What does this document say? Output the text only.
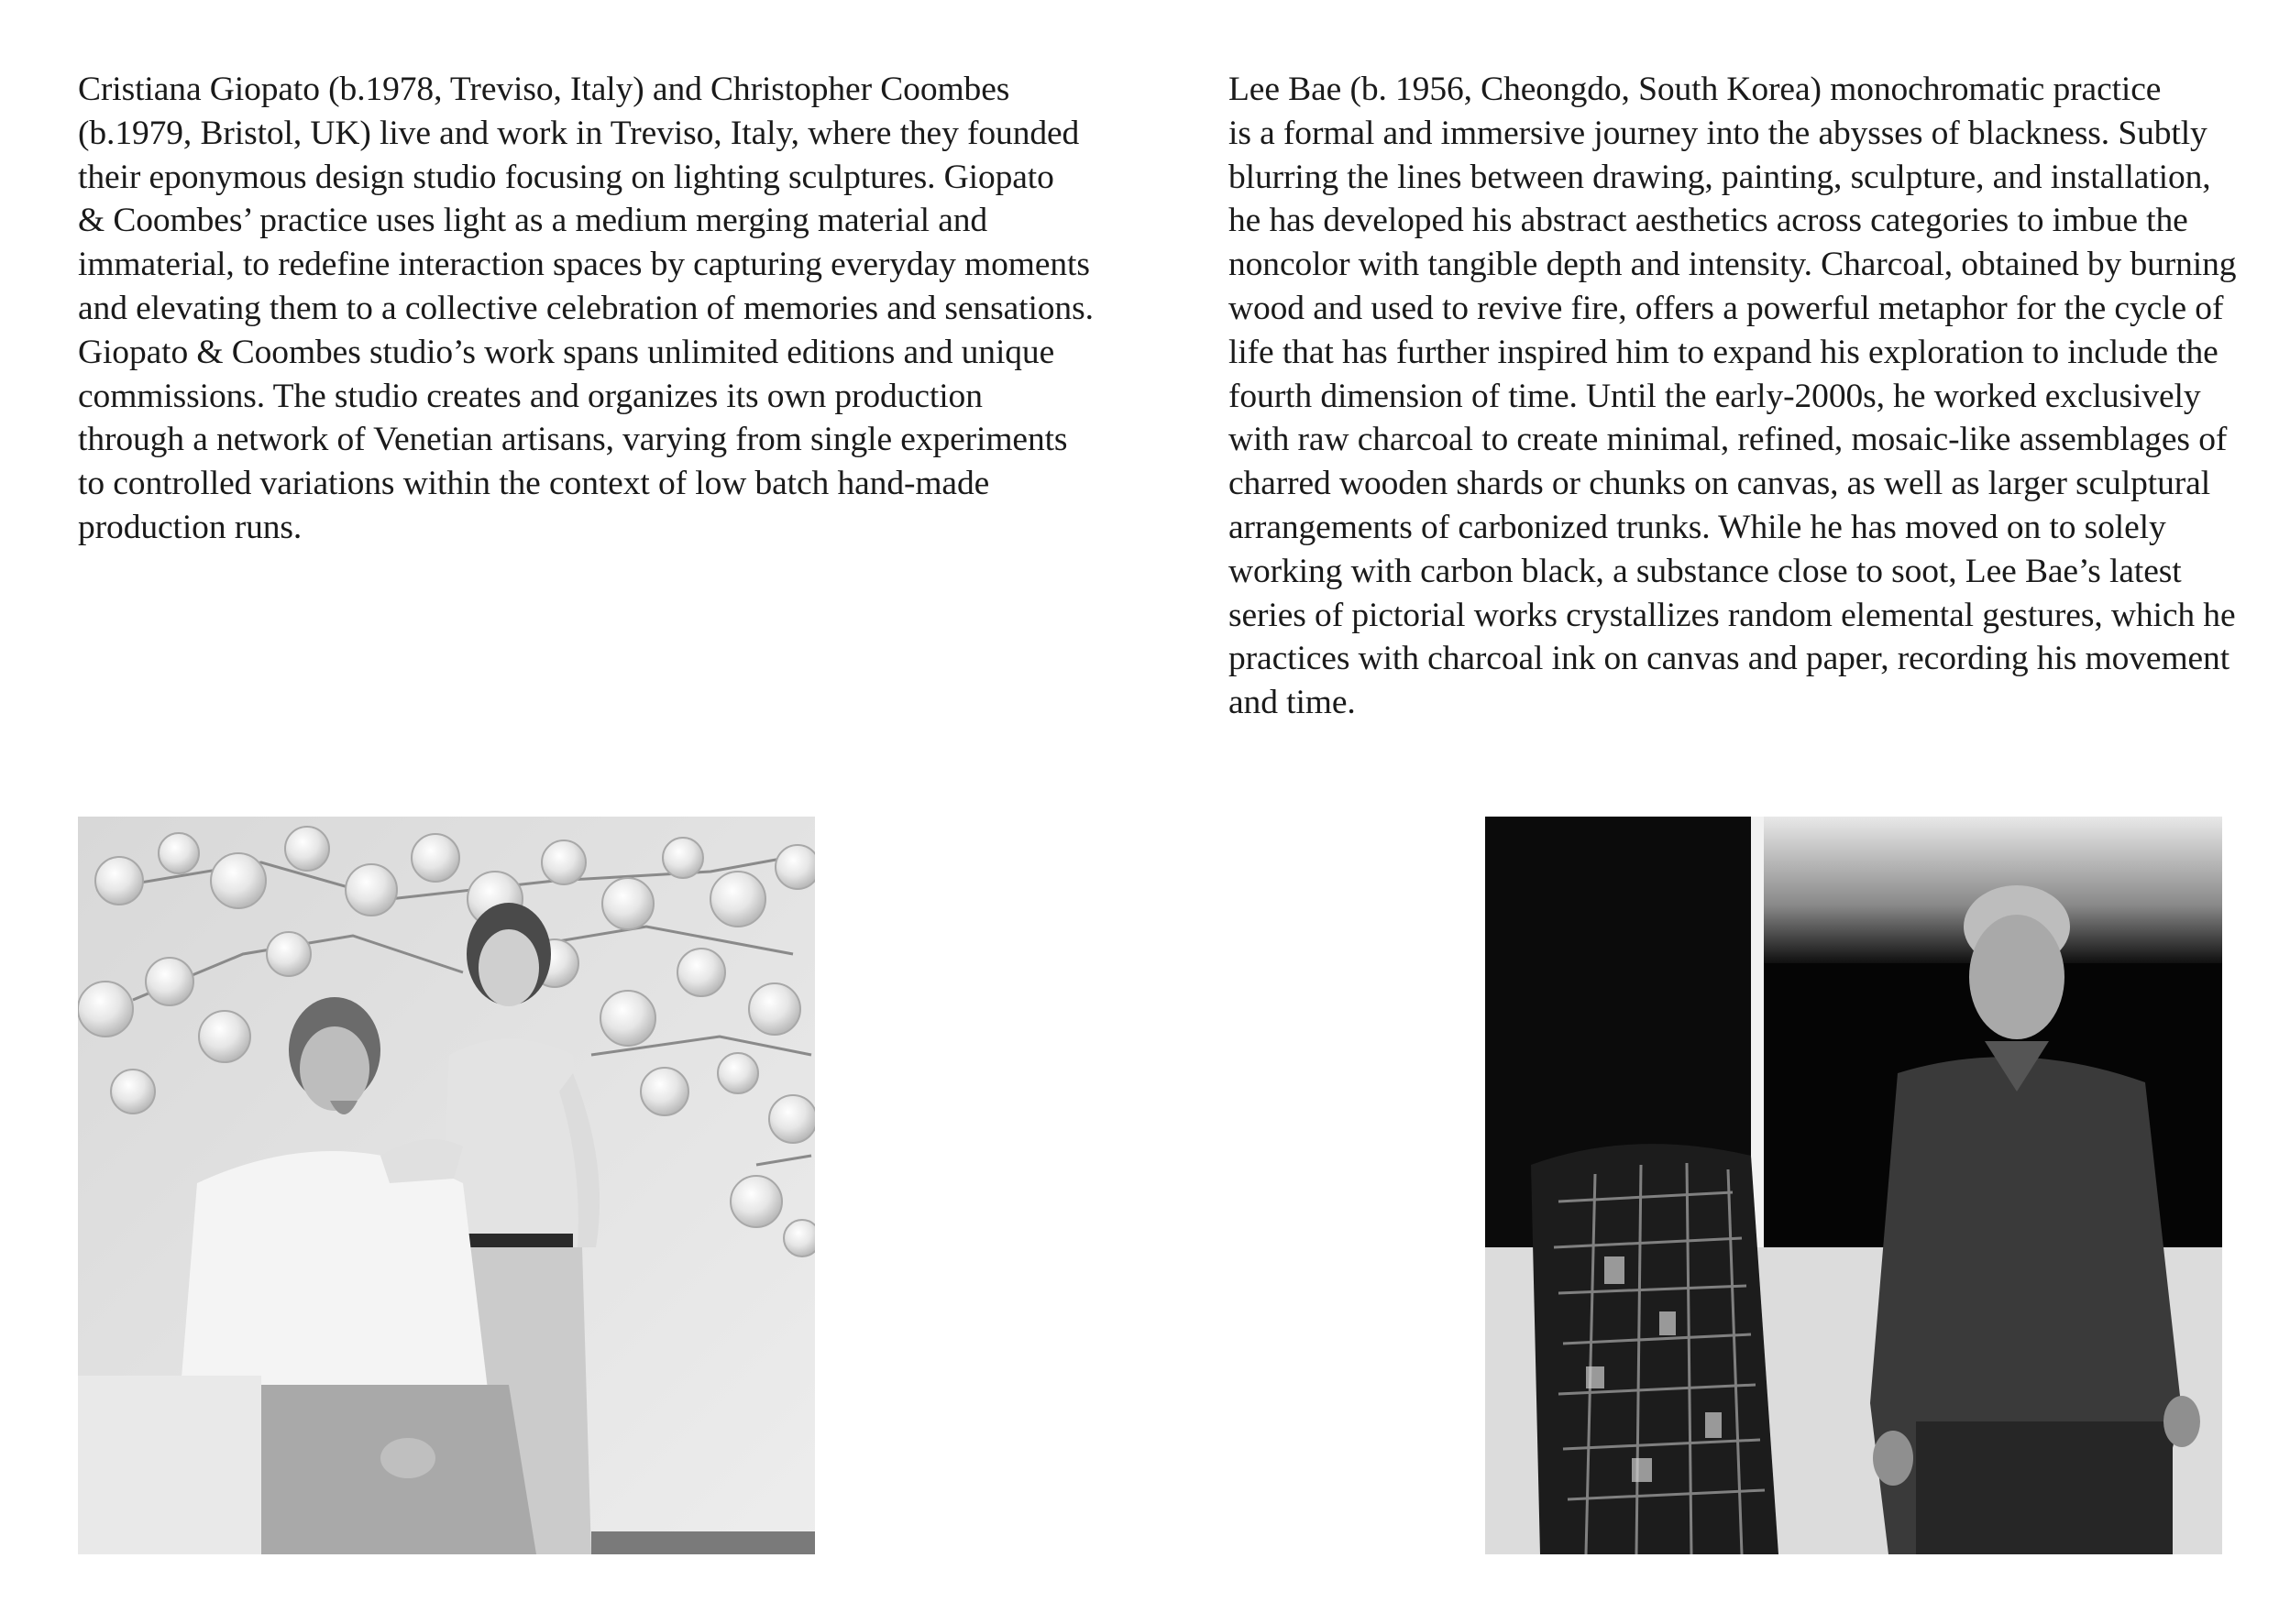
Cristiana Giopato (b.1978, Treviso, Italy) and Christopher Coombes
(b.1979, Bristol, UK) live and work in Treviso, Italy, where they founded
their eponymous design studio focusing on lighting sculptures. Giopato
& Coombes’ practice uses light as a medium merging material and
immaterial, to redefine interaction spaces by capturing everyday moments
and elevating them to a collective celebration of memories and sensations.
Giopato & Coombes studio’s work spans unlimited editions and unique
commissions. The studio creates and organizes its own production
through a network of Venetian artisans, varying from single experiments
to controlled variations within the context of low batch hand-made
production runs.
Lee Bae (b. 1956, Cheongdo, South Korea) monochromatic practice
is a formal and immersive journey into the abysses of blackness. Subtly
blurring the lines between drawing, painting, sculpture, and installation,
he has developed his abstract aesthetics across categories to imbue the
noncolor with tangible depth and intensity. Charcoal, obtained by burning
wood and used to revive fire, offers a powerful metaphor for the cycle of
life that has further inspired him to expand his exploration to include the
fourth dimension of time. Until the early-2000s, he worked exclusively
with raw charcoal to create minimal, refined, mosaic-like assemblages of
charred wooden shards or chunks on canvas, as well as larger sculptural
arrangements of carbonized trunks. While he has moved on to solely
working with carbon black, a substance close to soot, Lee Bae’s latest
series of pictorial works crystallizes random elemental gestures, which he
practices with charcoal ink on canvas and paper, recording his movement
and time.
